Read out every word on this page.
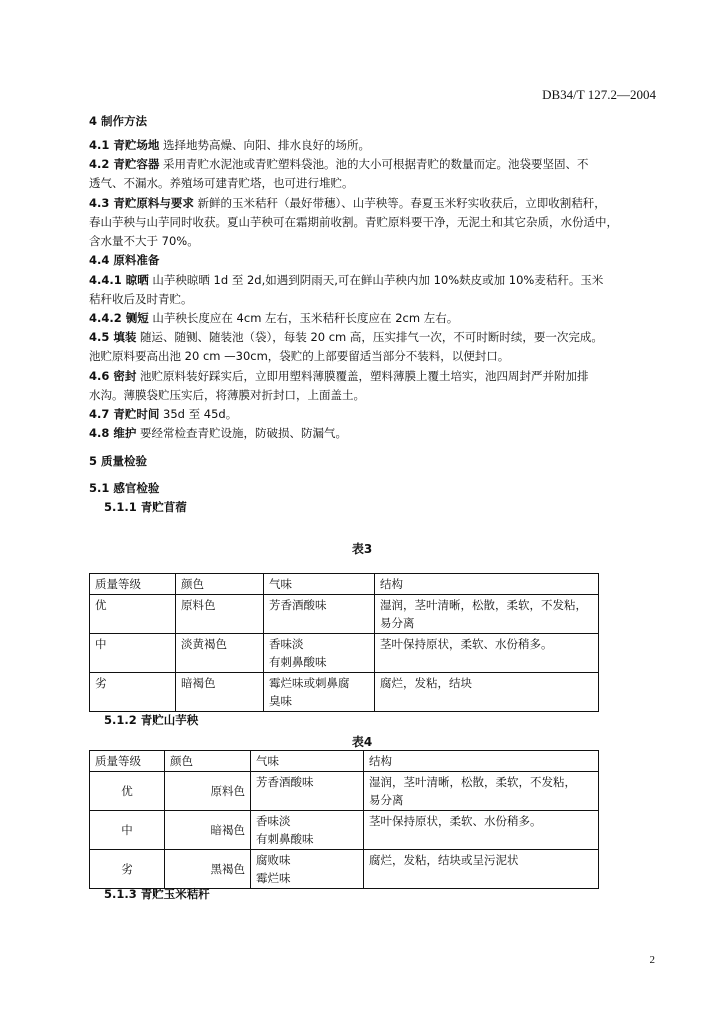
DB34/T 127.2—2004
4 制作方法
4.1 青贮场地 选择地势高燥、向阳、排水良好的场所。
4.2 青贮容器 采用青贮水泥池或青贮塑料袋池。池的大小可根据青贮的数量而定。池袋要坚固、不
透气、不漏水。养殖场可建青贮塔，也可进行堆贮。
4.3 青贮原料与要求 新鲜的玉米秸秆（最好带穗）、山芋秧等。春夏玉米籽实收获后，立即收割秸秆，
春山芋秧与山芋同时收获。夏山芋秧可在霜期前收割。青贮原料要干净，无泥土和其它杂质，水份适中，
含水量不大于 70%。
4.4 原料准备
4.4.1 晾晒 山芋秧晾晒 1d 至 2d,如遇到阴雨天,可在鲜山芋秧内加 10%麸皮或加 10%麦秸秆。玉米
秸秆收后及时青贮。
4.4.2 铡短 山芋秧长度应在 4cm 左右，玉米秸秆长度应在 2cm 左右。
4.5 填装 随运、随铡、随装池（袋），每装 20 cm 高，压实排气一次，不可时断时续，要一次完成。
池贮原料要高出池 20 cm —30cm，袋贮的上部要留适当部分不装料，以便封口。
4.6 密封 池贮原料装好踩实后，立即用塑料薄膜覆盖，塑料薄膜上覆土培实，池四周封严并附加排
水沟。薄膜袋贮压实后，将薄膜对折封口，上面盖土。
4.7 青贮时间 35d 至 45d。
4.8 维护 要经常检查青贮设施，防破损、防漏气。
5 质量检验
5.1 感官检验
5.1.1 青贮苜蓿
表3
质量等级	颜色	气味	结构
优	原料色	芳香酒酸味	湿润，茎叶清晰，松散，柔软，不发粘，
易分离

中	淡黄褐色	香味淡
有刺鼻酸味	茎叶保持原状，柔软、水份稍多。

劣	暗褐色	霉烂味或刺鼻腐
臭味	腐烂，发粘，结块
5.1.2 青贮山芋秧
表4
质量等级	颜色	气味	结构
优	原料色	芳香酒酸味	湿润，茎叶清晰，松散，柔软，不发粘，
易分离

中	暗褐色	香味淡
有刺鼻酸味	茎叶保持原状，柔软、水份稍多。

劣	黑褐色	腐败味
霉烂味	腐烂，发粘，结块或呈污泥状
5.1.3 青贮玉米秸秆
2
